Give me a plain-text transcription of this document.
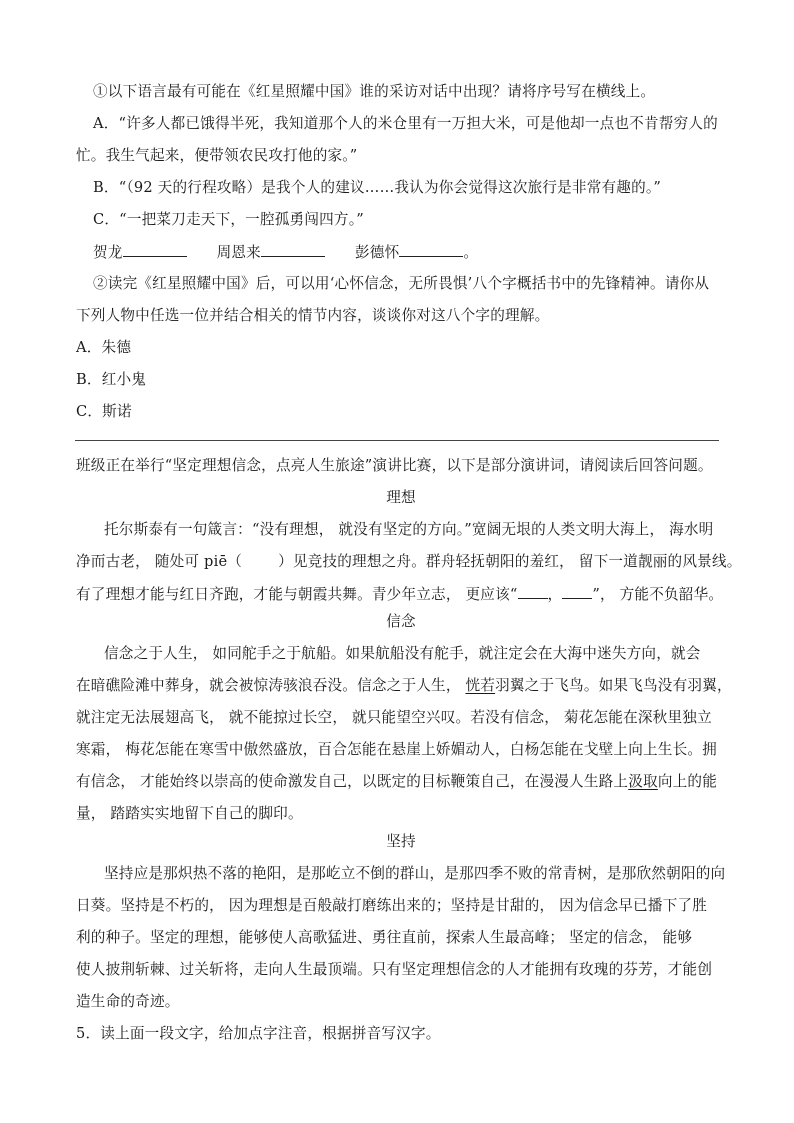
①以下语言最有可能在《红星照耀中国》谁的采访对话中出现？请将序号写在横线上。
A．“许多人都已饿得半死，我知道那个人的米仓里有一万担大米，可是他却一点也不肯帮穷人的
忙。我生气起来，便带领农民攻打他的家。”
B．“（92 天的行程攻略）是我个人的建议……我认为你会觉得这次旅行是非常有趣的。”
C．“一把菜刀走天下，一腔孤勇闯四方。”
贺龙	周恩来	彭德怀	。
②读完《红星照耀中国》后，可以用‘心怀信念，无所畏惧’八个字概括书中的先锋精神。请你从
下列人物中任选一位并结合相关的情节内容，谈谈你对这八个字的理解。
A．朱德
B．红小鬼
C．斯诺
班级正在举行“坚定理想信念，点亮人生旅途”演讲比赛，以下是部分演讲词，请阅读后回答问题。
理想
托尔斯泰有一句箴言：“没有理想， 就没有坚定的方向。”宽阔无垠的人类文明大海上， 海水明
净而古老， 随处可 piē（ ）见竞技的理想之舟。群舟轻抚朝阳的羞红， 留下一道靓丽的风景线。
有了理想才能与红日齐跑，才能与朝霞共舞。青少年立志， 更应该“ ， ”， 方能不负韶华。
信念
信念之于人生， 如同舵手之于航船。如果航船没有舵手，就注定会在大海中迷失方向，就会
在暗礁险滩中葬身，就会被惊涛骇浪吞没。信念之于人生， 恍若羽翼之于飞鸟。如果飞鸟没有羽翼，
就注定无法展翅高飞， 就不能掠过长空， 就只能望空兴叹。若没有信念， 菊花怎能在深秋里独立
寒霜， 梅花怎能在寒雪中傲然盛放，百合怎能在悬崖上娇媚动人，白杨怎能在戈壁上向上生长。拥
有信念， 才能始终以崇高的使命激发自己，以既定的目标鞭策自己，在漫漫人生路上汲取向上的能
量， 踏踏实实地留下自己的脚印。
坚持
坚持应是那炽热不落的艳阳，是那屹立不倒的群山，是那四季不败的常青树，是那欣然朝阳的向
日葵。坚持是不朽的， 因为理想是百般敲打磨练出来的；坚持是甘甜的， 因为信念早已播下了胜
利的种子。坚定的理想，能够使人高歌猛进、勇往直前，探索人生最高峰； 坚定的信念， 能够
使人披荆斩棘、过关斩将，走向人生最顶端。只有坚定理想信念的人才能拥有玫瑰的芬芳，才能创
造生命的奇迹。
5．读上面一段文字，给加点字注音，根据拼音写汉字。
